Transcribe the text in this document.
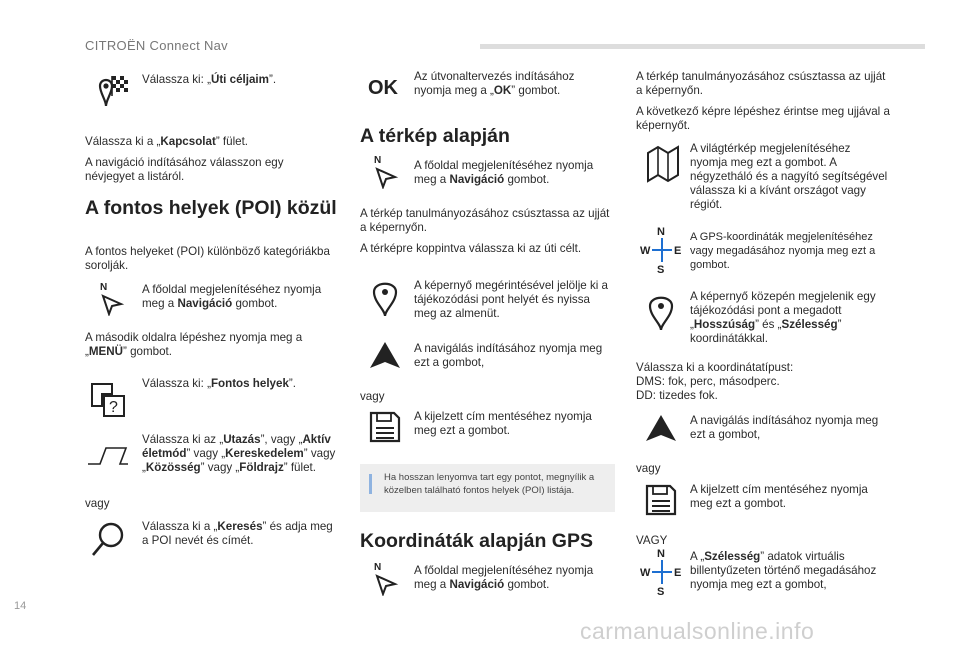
CITROËN Connect Nav

Válassza ki: „Úti céljaim”.

Válassza ki a „Kapcsolat” fület.

A navigáció indításához válasszon egy névjegyet a listáról.

A fontos helyek (POI) közül

A fontos helyeket (POI) különböző kategóriákba sorolják.

N	A főoldal megjelenítéséhez nyomja meg a Navigáció gombot.

A második oldalra lépéshez nyomja meg a „MENÜ” gombot.

?

Válassza ki: „Fontos helyek”.

Válassza ki az „Utazás”, vagy „Aktív életmód” vagy „Kereskedelem” vagy „Közösség” vagy „Földrajz” fület.

vagy

Válassza ki a „Keresés” és adja meg a POI nevét és címét.

OK

Az útvonaltervezés indításához nyomja meg a „OK” gombot.

A térkép alapján
N	A főoldal megjelenítéséhez nyomja meg a Navigáció gombot.

A térkép tanulmányozásához csúsztassa az ujját a képernyőn.

A térképre koppintva válassza ki az úti célt.

A képernyő megérintésével jelölje ki a tájékozódási pont helyét és nyissa meg az almenüt.

A navigálás indításához nyomja meg ezt a gombot,

vagy

A kijelzett cím mentéséhez nyomja meg ezt a gombot.

Ha hosszan lenyomva tart egy pontot, megnyílik a közelben található fontos helyek (POI) listája.

Koordináták alapján GPS
N	A főoldal megjelenítéséhez nyomja meg a Navigáció gombot.

A térkép tanulmányozásához csúsztassa az ujját a képernyőn.

A következő képre lépéshez érintse meg ujjával a képernyőt.

A világtérkép megjelenítéséhez nyomja meg ezt a gombot. A négyzetháló és a nagyító segítségével válassza ki a kívánt országot vagy régiót.

N
S
W E

A GPS-koordináták megjelenítéséhez vagy megadásához nyomja meg ezt a gombot.

A képernyő közepén megjelenik egy tájékozódási pont a megadott „Hosszúság” és „Szélesség” koordinátákkal.

Válassza ki a koordinátatípust:

DMS: fok, perc, másodperc.

DD: tizedes fok.

A navigálás indításához nyomja meg ezt a gombot,

vagy

A kijelzett cím mentéséhez nyomja meg ezt a gombot.

VAGY

N
S
W E

A „Szélesség” adatok virtuális billentyűzeten történő megadásához nyomja meg ezt a gombot,

14
carmanualsonline.info
